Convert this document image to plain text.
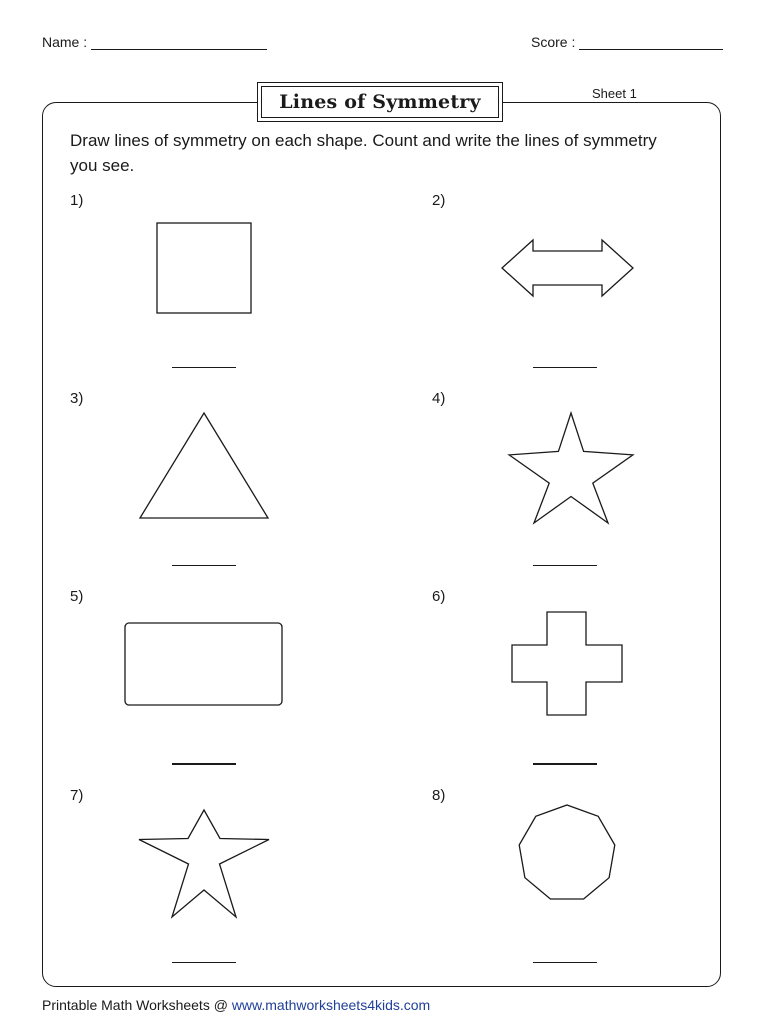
Name :	Score :
Lines of Symmetry	Sheet 1
Draw lines of symmetry on each shape. Count and write the lines of symmetry you see.
1)	2)
3)	4)
5)	6)
7)	8)
Printable Math Worksheets @ www.mathworksheets4kids.com
